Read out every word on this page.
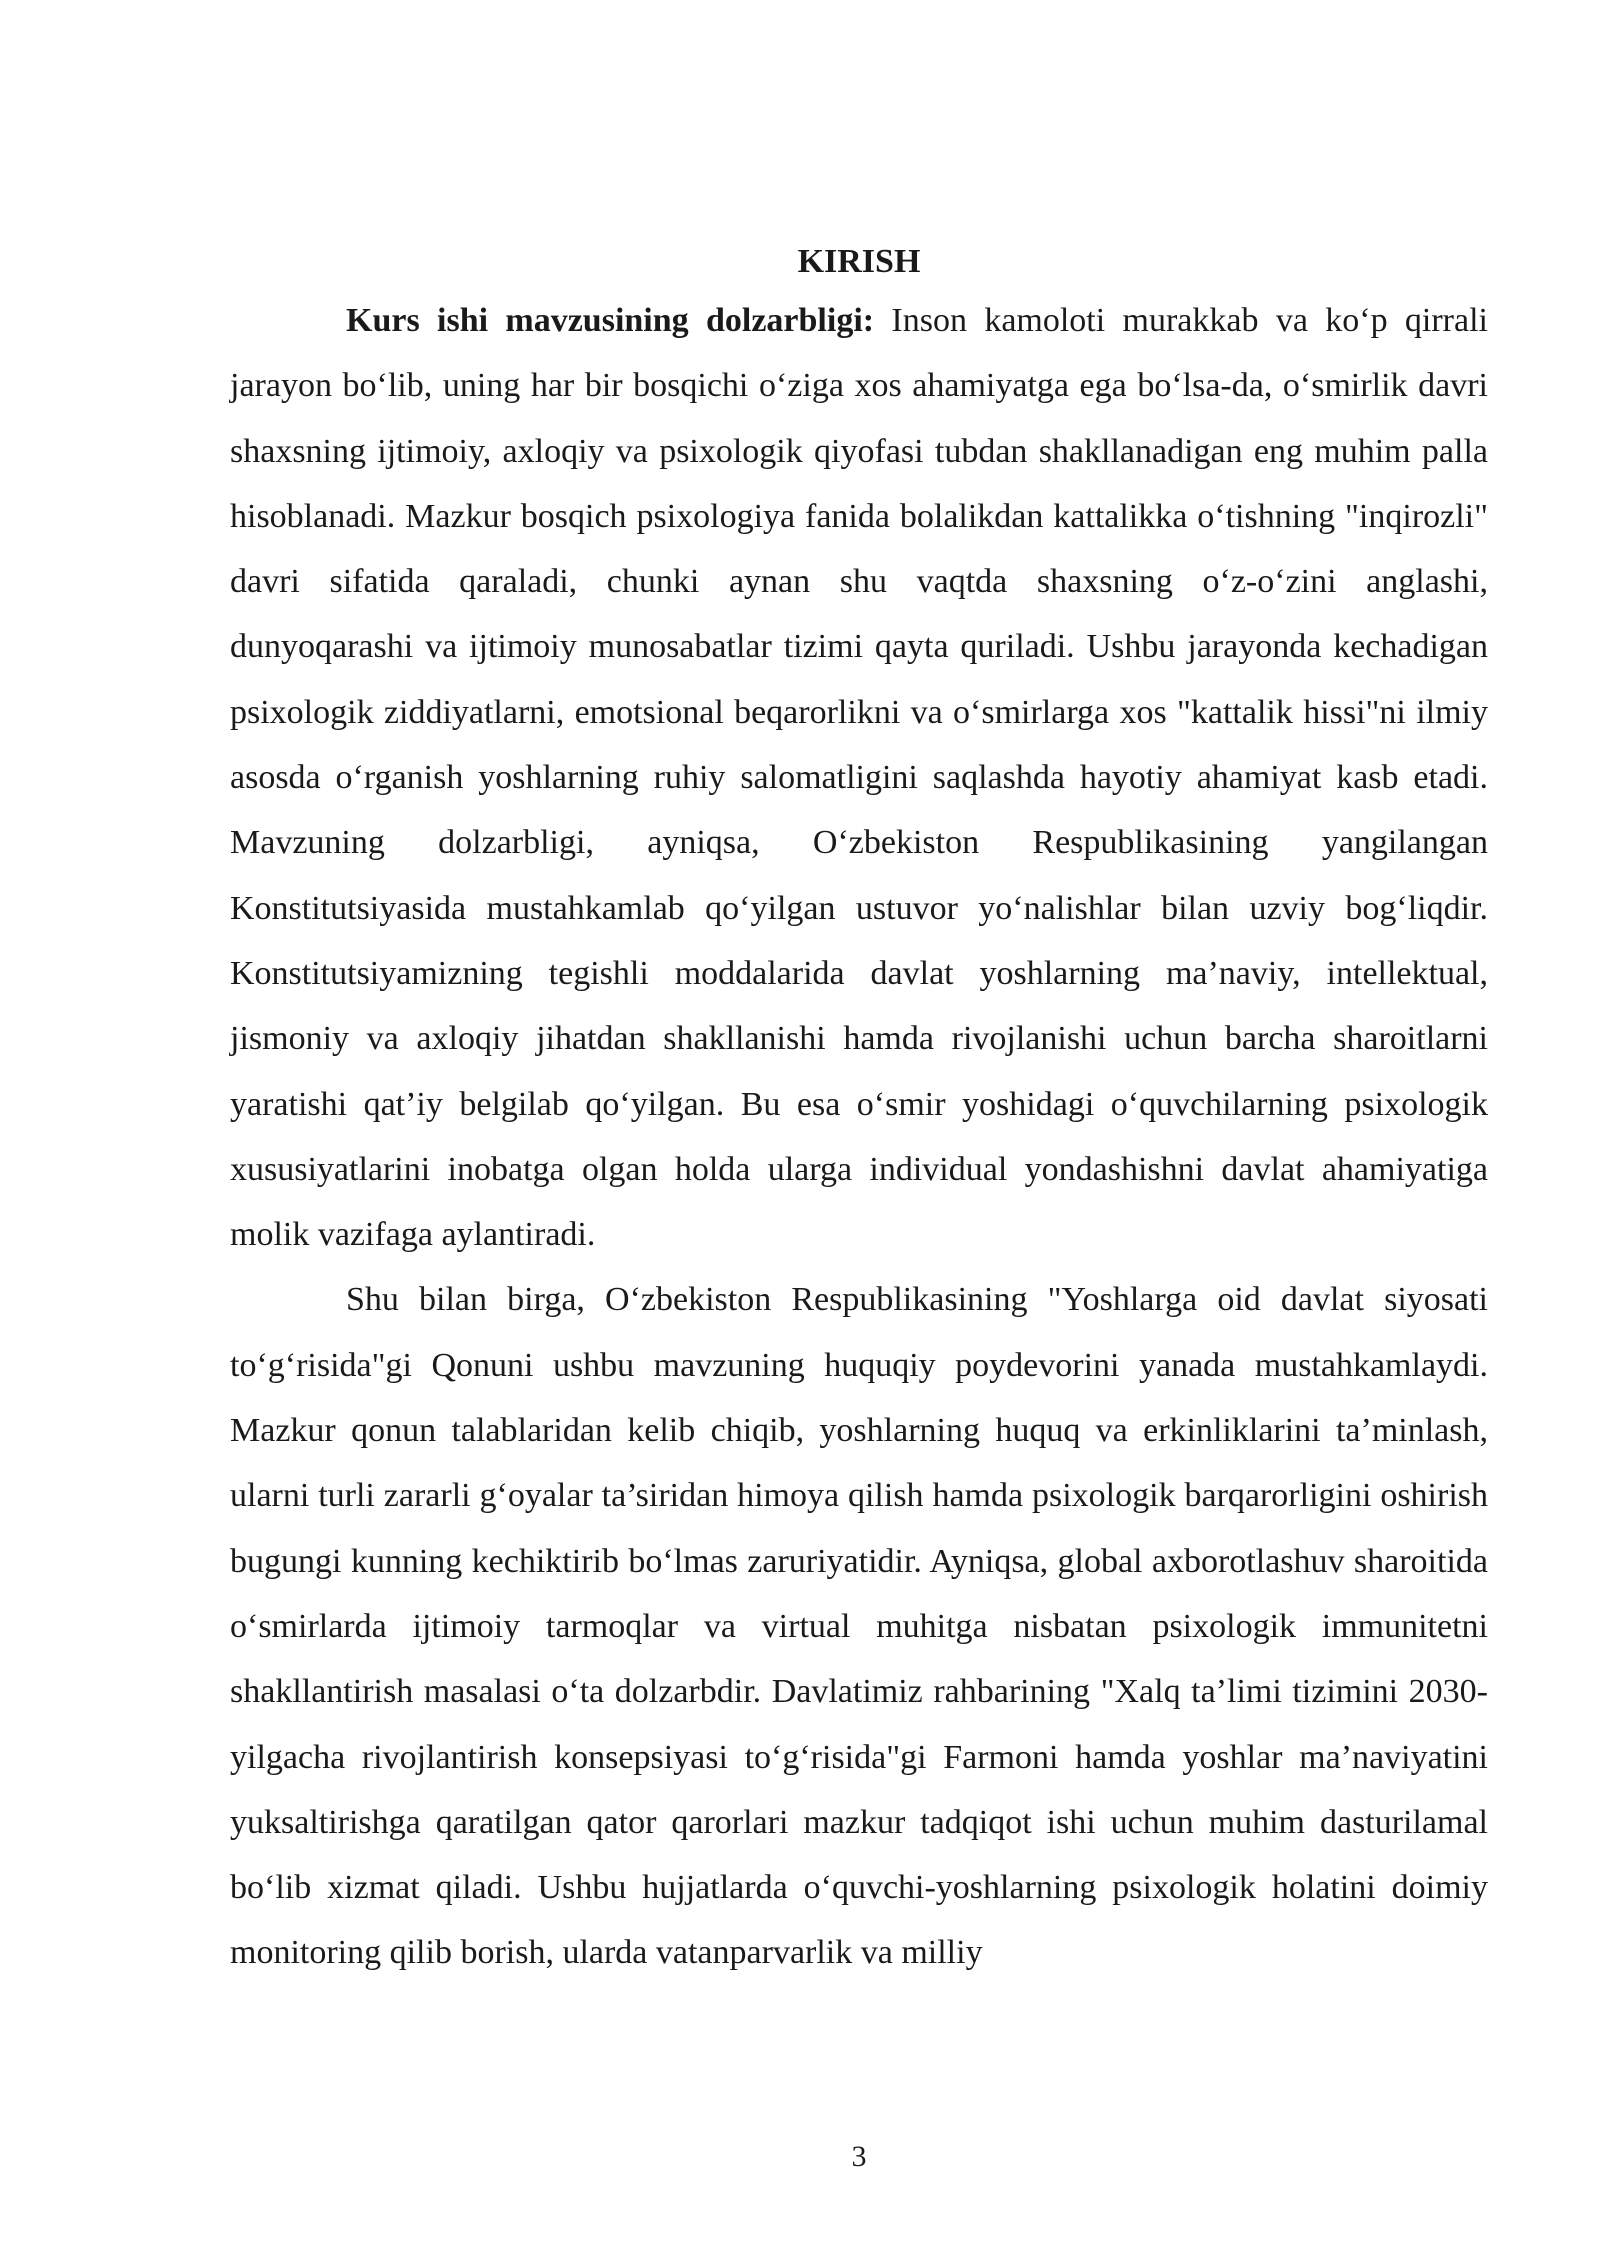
KIRISH

Kurs ishi mavzusining dolzarbligi: Inson kamoloti murakkab va ko‘p qirrali jarayon bo‘lib, uning har bir bosqichi o‘ziga xos ahamiyatga ega bo‘lsa-da, o‘smirlik davri shaxsning ijtimoiy, axloqiy va psixologik qiyofasi tubdan shakllanadigan eng muhim palla hisoblanadi. Mazkur bosqich psixologiya fanida bolalikdan kattalikka o‘tishning "inqirozli" davri sifatida qaraladi, chunki aynan shu vaqtda shaxsning o‘z-o‘zini anglashi, dunyoqarashi va ijtimoiy munosabatlar tizimi qayta quriladi. Ushbu jarayonda kechadigan psixologik ziddiyatlarni, emotsional beqarorlikni va o‘smirlarga xos "kattalik hissi"ni ilmiy asosda o‘rganish yoshlarning ruhiy salomatligini saqlashda hayotiy ahamiyat kasb etadi. Mavzuning dolzarbligi, ayniqsa, O‘zbekiston Respublikasining yangilangan Konstitutsiyasida mustahkamlab qo‘yilgan ustuvor yo‘nalishlar bilan uzviy bog‘liqdir. Konstitutsiyamizning tegishli moddalarida davlat yoshlarning ma’naviy, intellektual, jismoniy va axloqiy jihatdan shakllanishi hamda rivojlanishi uchun barcha sharoitlarni yaratishi qat’iy belgilab qo‘yilgan. Bu esa o‘smir yoshidagi o‘quvchilarning psixologik xususiyatlarini inobatga olgan holda ularga individual yondashishni davlat ahamiyatiga molik vazifaga aylantiradi.

Shu bilan birga, O‘zbekiston Respublikasining "Yoshlarga oid davlat siyosati to‘g‘risida"gi Qonuni ushbu mavzuning huquqiy poydevorini yanada mustahkamlaydi. Mazkur qonun talablaridan kelib chiqib, yoshlarning huquq va erkinliklarini ta’minlash, ularni turli zararli g‘oyalar ta’siridan himoya qilish hamda psixologik barqarorligini oshirish bugungi kunning kechiktirib bo‘lmas zaruriyatidir. Ayniqsa, global axborotlashuv sharoitida o‘smirlarda ijtimoiy tarmoqlar va virtual muhitga nisbatan psixologik immunitetni shakllantirish masalasi o‘ta dolzarbdir. Davlatimiz rahbarining "Xalq ta’limi tizimini 2030-yilgacha rivojlantirish konsepsiyasi to‘g‘risida"gi Farmoni hamda yoshlar ma’naviyatini yuksaltirishga qaratilgan qator qarorlari mazkur tadqiqot ishi uchun muhim dasturilamal bo‘lib xizmat qiladi. Ushbu hujjatlarda o‘quvchi-yoshlarning psixologik holatini doimiy monitoring qilib borish, ularda vatanparvarlik va milliy

3
